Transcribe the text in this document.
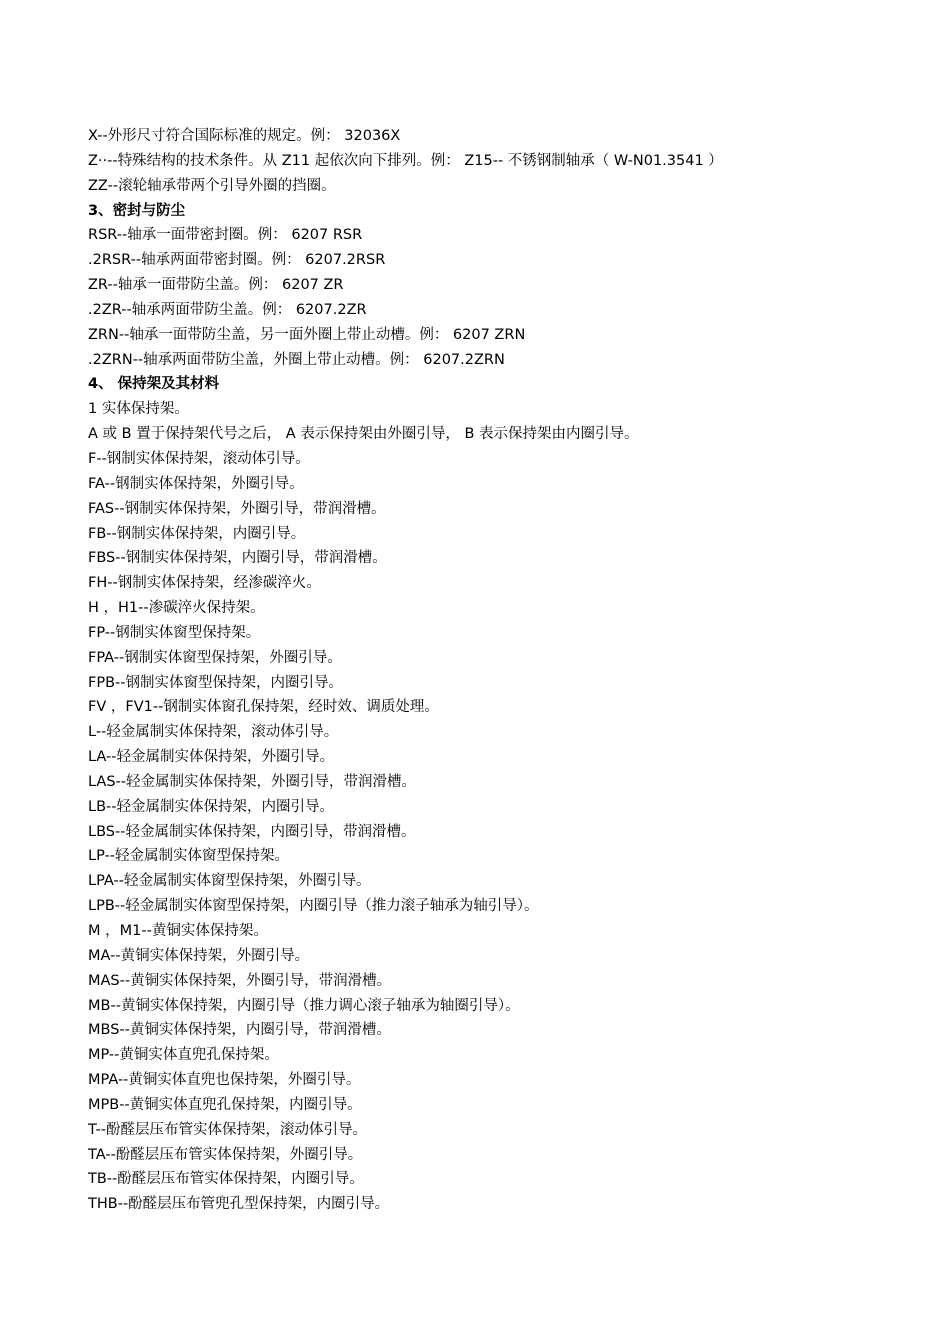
X--外形尺寸符合国际标准的规定。例： 32036X
Z··--特殊结构的技术条件。从 Z11 起依次向下排列。例： Z15-- 不锈钢制轴承（ W-N01.3541 ）
ZZ--滚轮轴承带两个引导外圈的挡圈。
3、密封与防尘
RSR--轴承一面带密封圈。例： 6207 RSR
.2RSR--轴承两面带密封圈。例： 6207.2RSR
ZR--轴承一面带防尘盖。例： 6207 ZR
.2ZR--轴承两面带防尘盖。例： 6207.2ZR
ZRN--轴承一面带防尘盖，另一面外圈上带止动槽。例： 6207 ZRN
.2ZRN--轴承两面带防尘盖，外圈上带止动槽。例： 6207.2ZRN
4、 保持架及其材料
1 实体保持架。
A 或 B 置于保持架代号之后， A 表示保持架由外圈引导， B 表示保持架由内圈引导。
F--钢制实体保持架，滚动体引导。
FA--钢制实体保持架，外圈引导。
FAS--钢制实体保持架，外圈引导，带润滑槽。
FB--钢制实体保持架，内圈引导。
FBS--钢制实体保持架，内圈引导，带润滑槽。
FH--钢制实体保持架，经渗碳淬火。
H ，H1--渗碳淬火保持架。
FP--钢制实体窗型保持架。
FPA--钢制实体窗型保持架，外圈引导。
FPB--钢制实体窗型保持架，内圈引导。
FV ，FV1--钢制实体窗孔保持架，经时效、调质处理。
L--轻金属制实体保持架，滚动体引导。
LA--轻金属制实体保持架，外圈引导。
LAS--轻金属制实体保持架，外圈引导，带润滑槽。
LB--轻金属制实体保持架，内圈引导。
LBS--轻金属制实体保持架，内圈引导，带润滑槽。
LP--轻金属制实体窗型保持架。
LPA--轻金属制实体窗型保持架，外圈引导。
LPB--轻金属制实体窗型保持架，内圈引导（推力滚子轴承为轴引导）。
M ，M1--黄铜实体保持架。
MA--黄铜实体保持架，外圈引导。
MAS--黄铜实体保持架，外圈引导，带润滑槽。
MB--黄铜实体保持架，内圈引导（推力调心滚子轴承为轴圈引导）。
MBS--黄铜实体保持架，内圈引导，带润滑槽。
MP--黄铜实体直兜孔保持架。
MPA--黄铜实体直兜也保持架，外圈引导。
MPB--黄铜实体直兜孔保持架，内圈引导。
T--酚醛层压布管实体保持架，滚动体引导。
TA--酚醛层压布管实体保持架，外圈引导。
TB--酚醛层压布管实体保持架，内圈引导。
THB--酚醛层压布管兜孔型保持架，内圈引导。
